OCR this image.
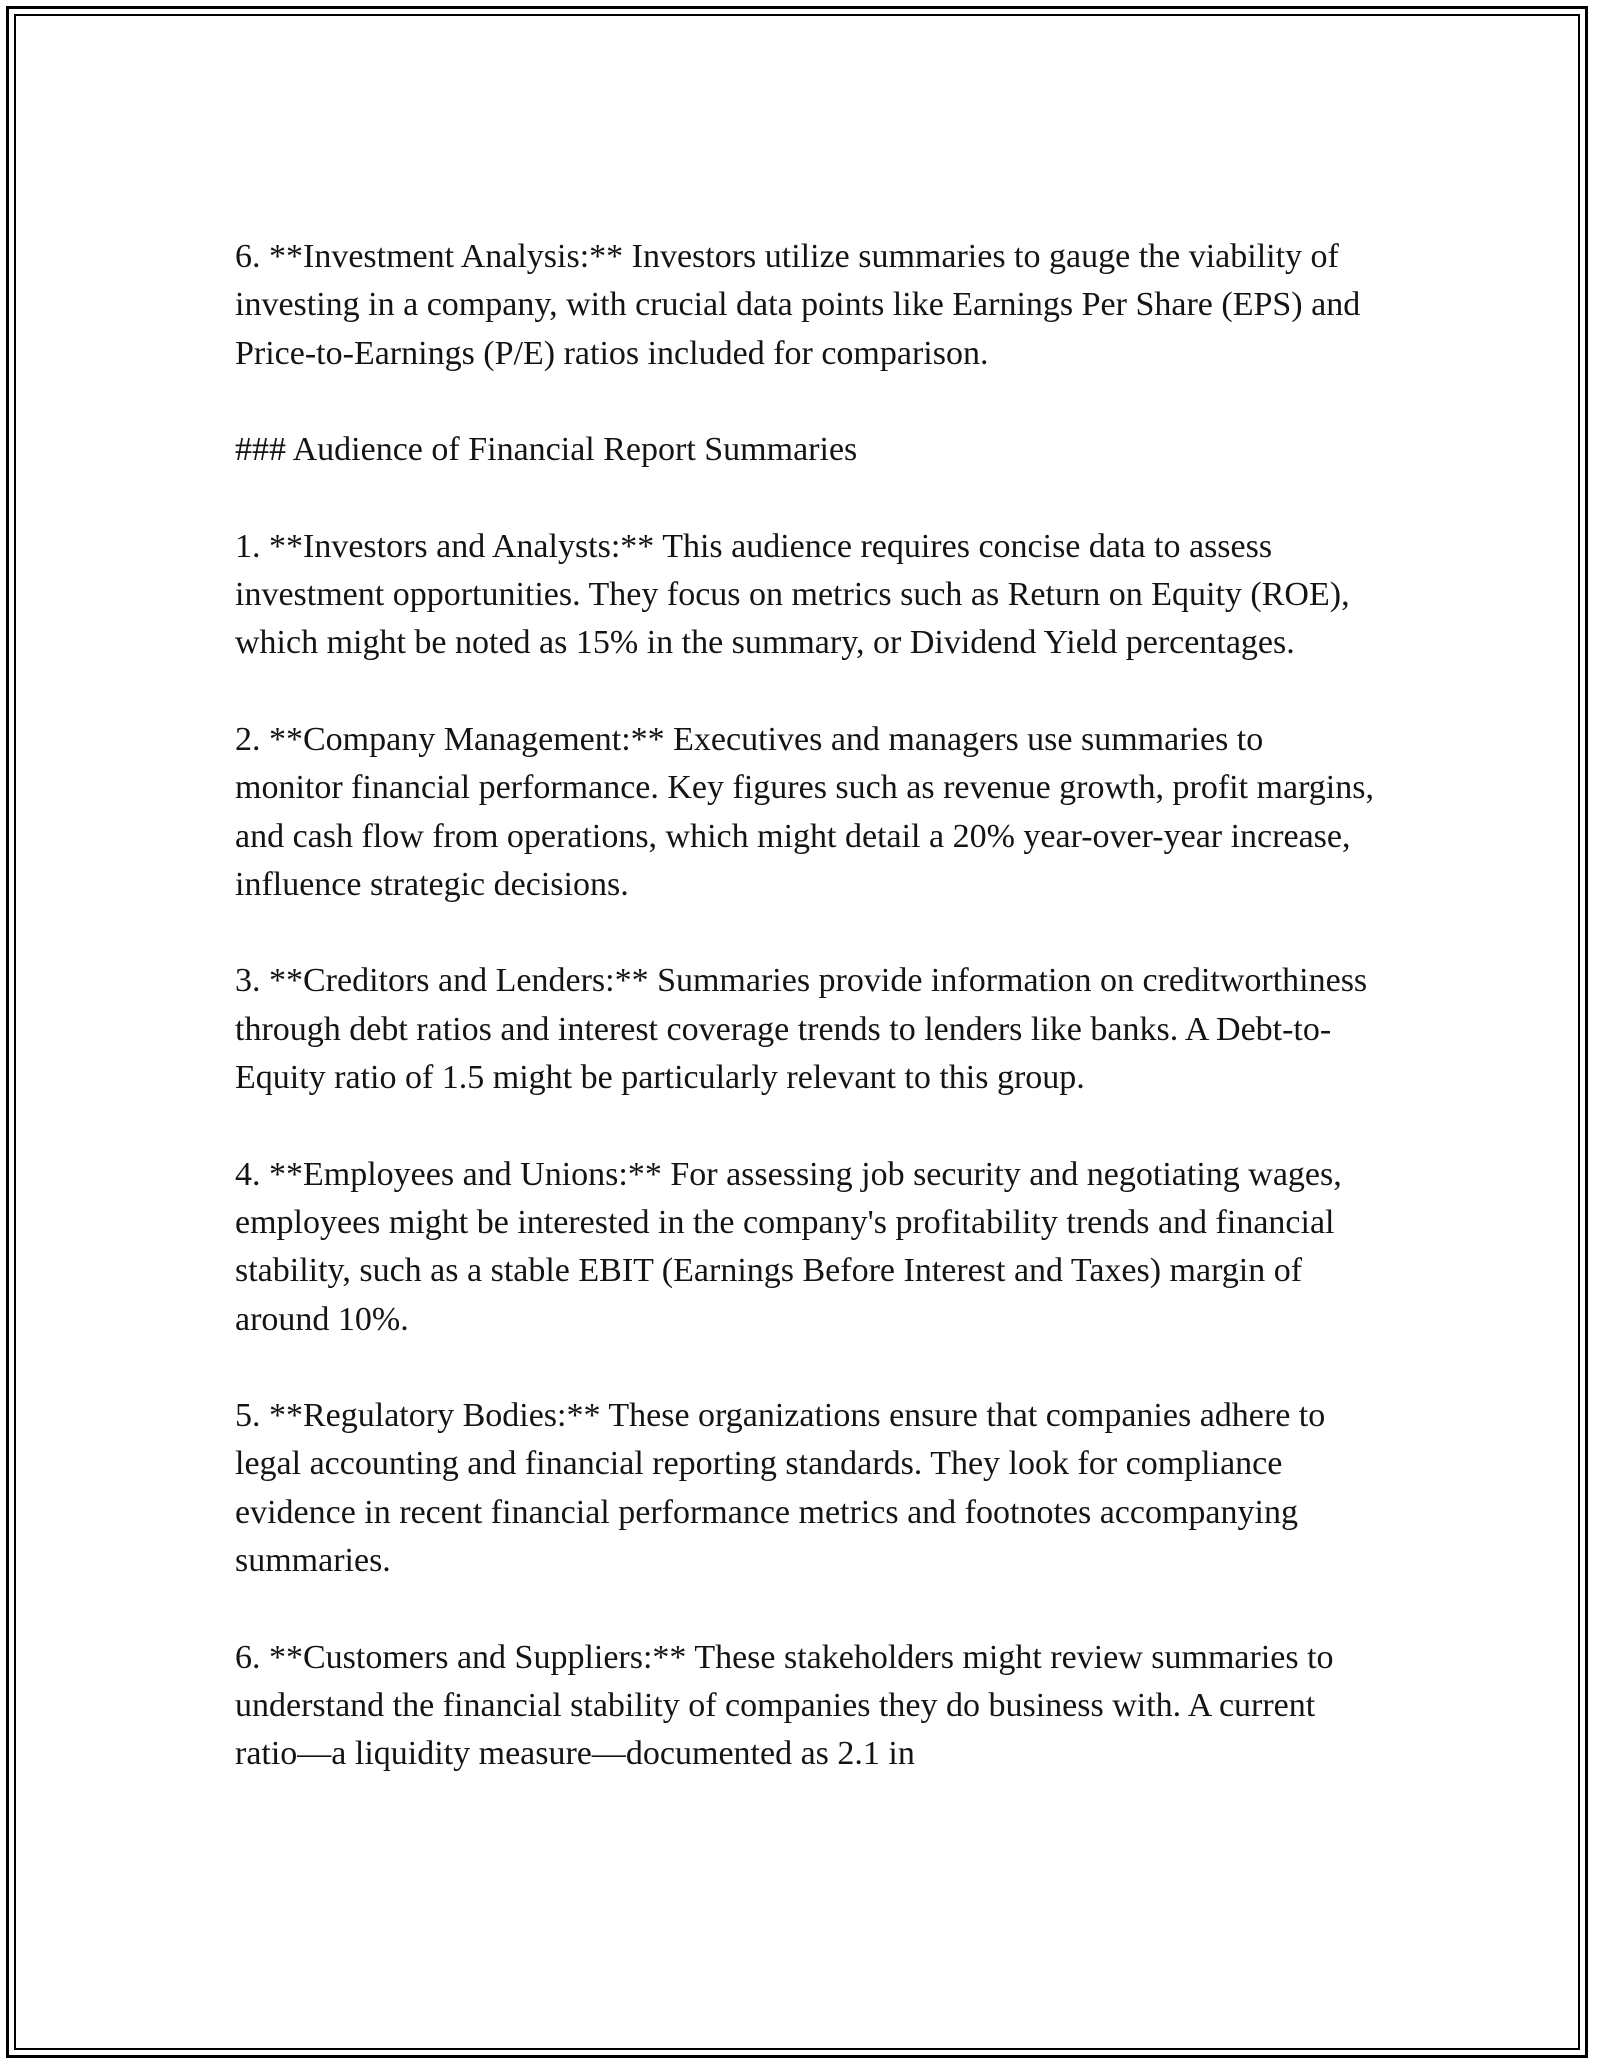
6. **Investment Analysis:** Investors utilize summaries to gauge the viability of investing in a company, with crucial data points like Earnings Per Share (EPS) and Price-to-Earnings (P/E) ratios included for comparison.

### Audience of Financial Report Summaries

1. **Investors and Analysts:** This audience requires concise data to assess investment opportunities. They focus on metrics such as Return on Equity (ROE), which might be noted as 15% in the summary, or Dividend Yield percentages.

2. **Company Management:** Executives and managers use summaries to monitor financial performance. Key figures such as revenue growth, profit margins, and cash flow from operations, which might detail a 20% year-over-year increase, influence strategic decisions.

3. **Creditors and Lenders:** Summaries provide information on creditworthiness through debt ratios and interest coverage trends to lenders like banks. A Debt-to-Equity ratio of 1.5 might be particularly relevant to this group.

4. **Employees and Unions:** For assessing job security and negotiating wages, employees might be interested in the company's profitability trends and financial stability, such as a stable EBIT (Earnings Before Interest and Taxes) margin of around 10%.

5. **Regulatory Bodies:** These organizations ensure that companies adhere to legal accounting and financial reporting standards. They look for compliance evidence in recent financial performance metrics and footnotes accompanying summaries.

6. **Customers and Suppliers:** These stakeholders might review summaries to understand the financial stability of companies they do business with. A current ratio—a liquidity measure—documented as 2.1 in
